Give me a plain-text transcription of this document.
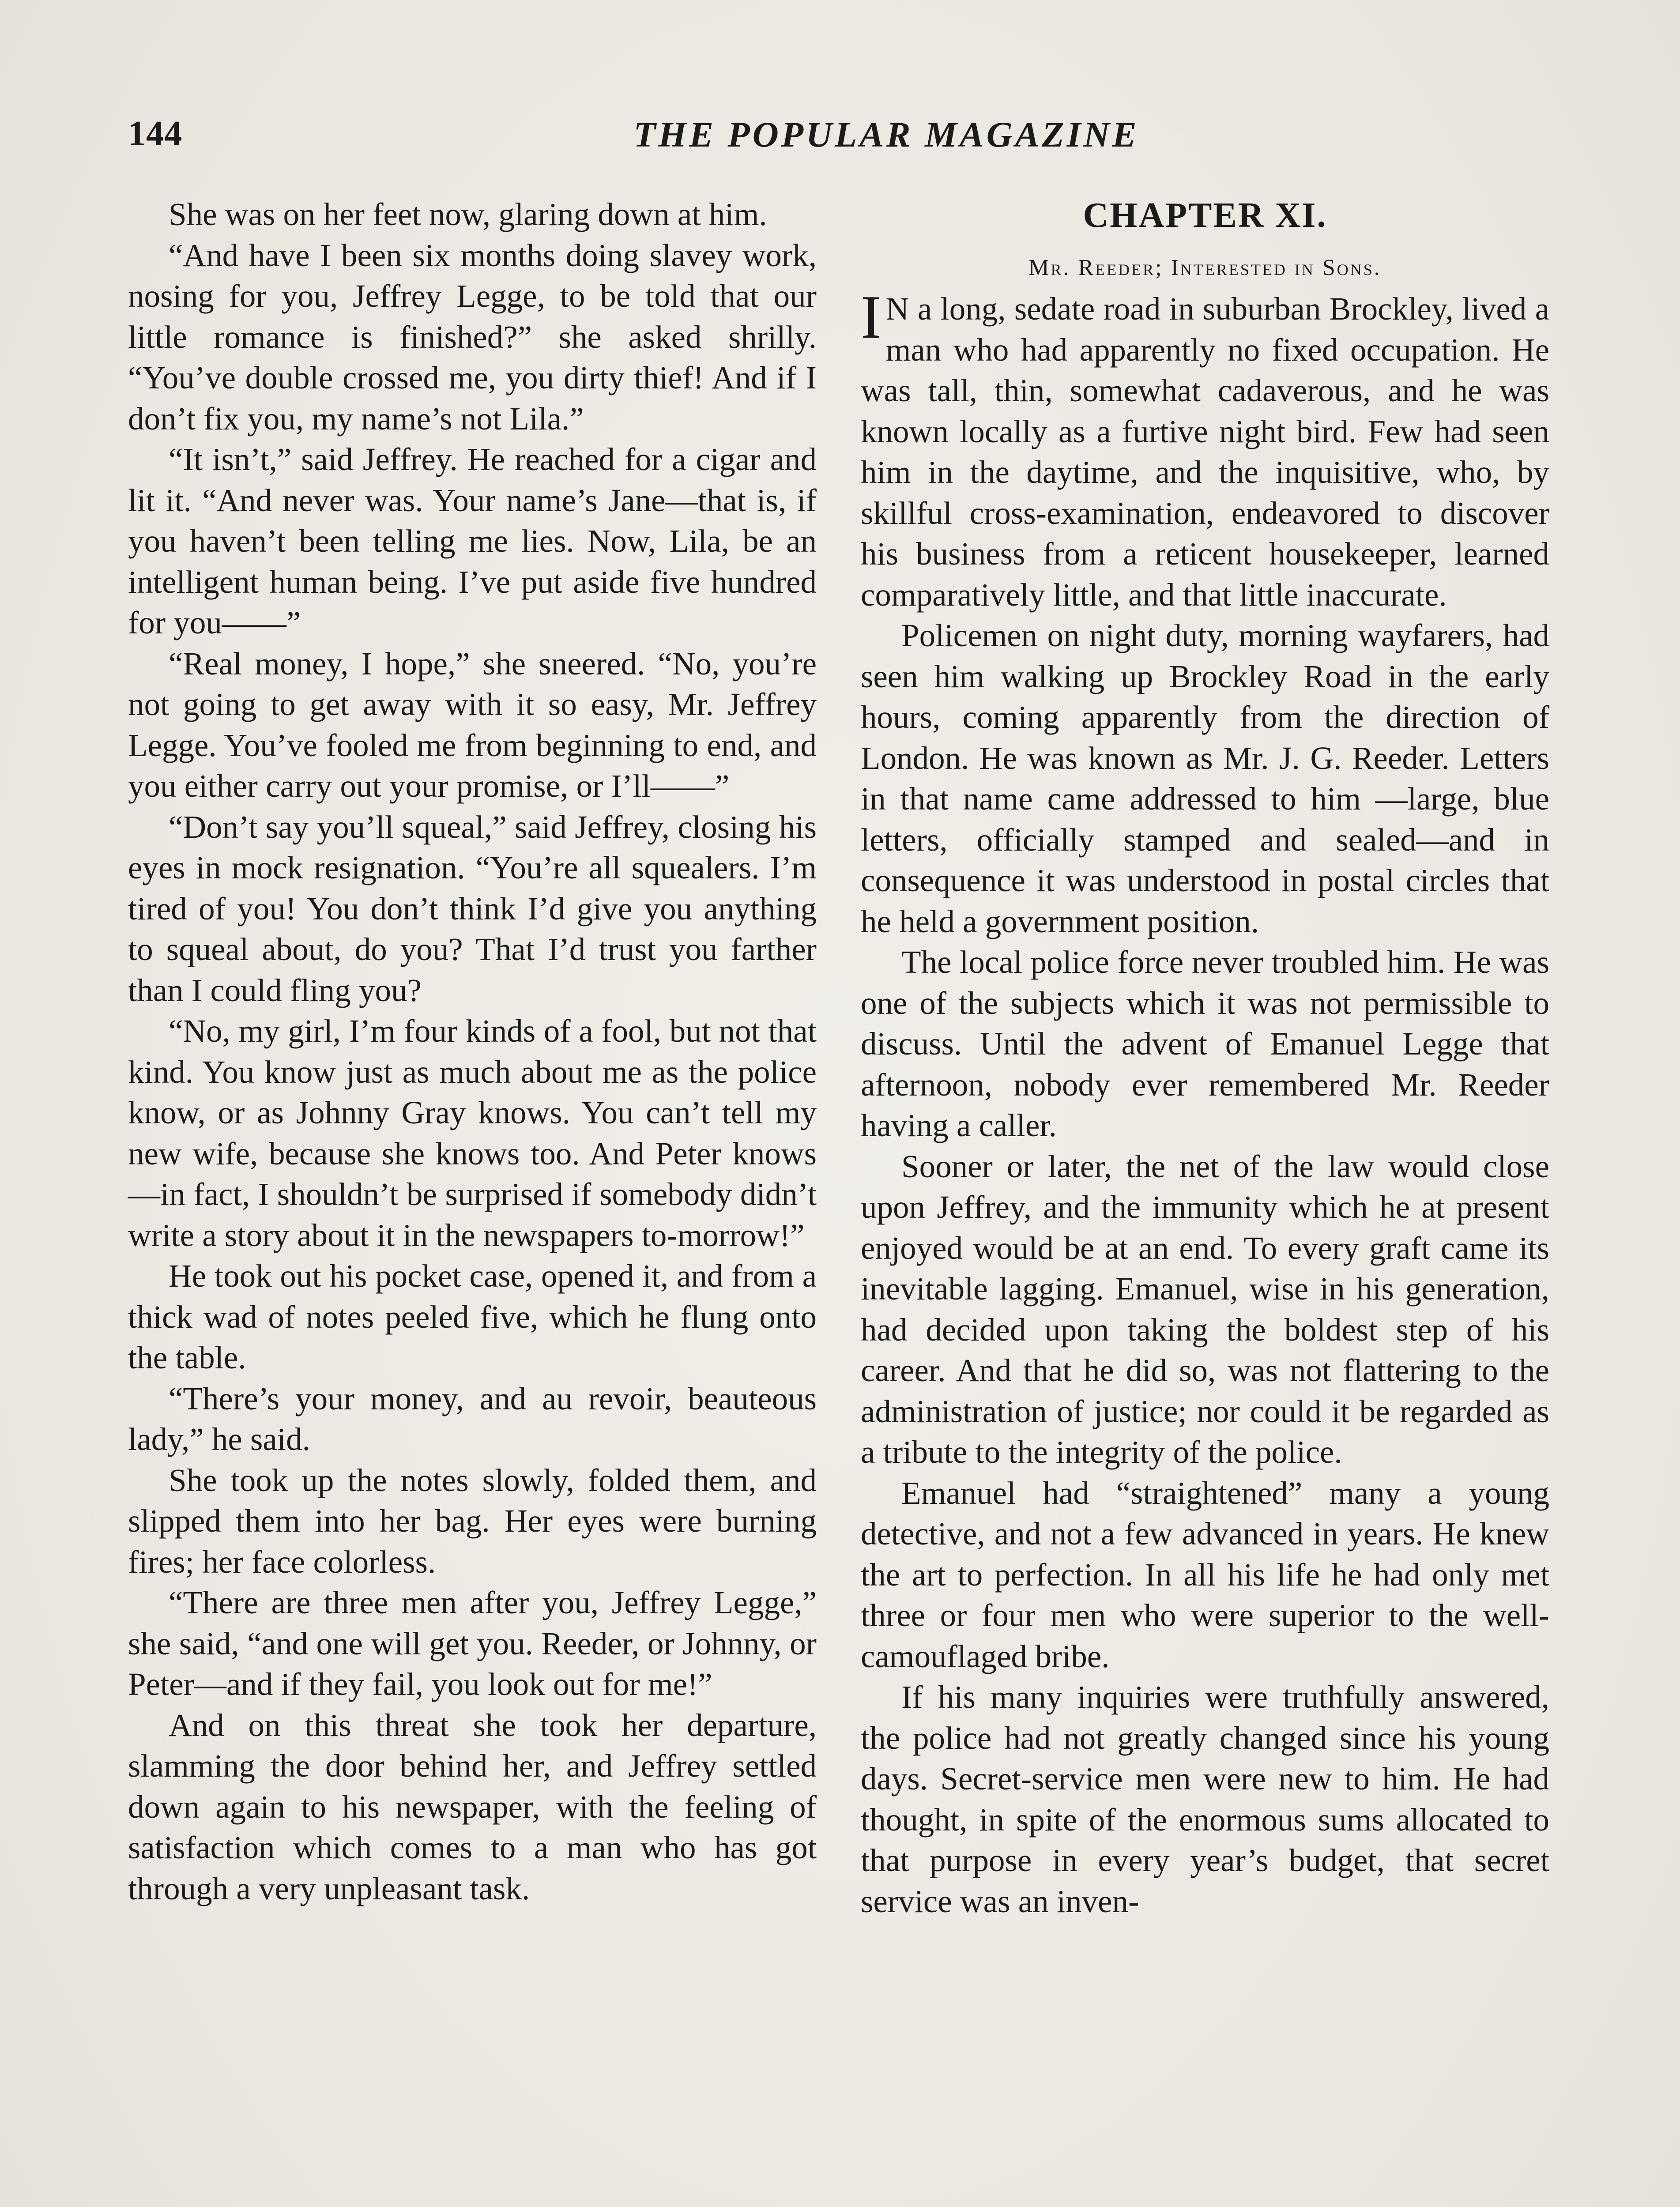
144	THE POPULAR MAGAZINE

She was on her feet now, glaring down at him.

“And have I been six months doing slavey work, nosing for you, Jeffrey Legge, to be told that our little romance is finished?” she asked shrilly. “You’ve double crossed me, you dirty thief! And if I don’t fix you, my name’s not Lila.”

“It isn’t,” said Jeffrey. He reached for a cigar and lit it. “And never was. Your name’s Jane—that is, if you haven’t been telling me lies. Now, Lila, be an intelligent human being. I’ve put aside five hundred for you——”

“Real money, I hope,” she sneered. “No, you’re not going to get away with it so easy, Mr. Jeffrey Legge. You’ve fooled me from beginning to end, and you either carry out your promise, or I’ll——”

“Don’t say you’ll squeal,” said Jeffrey, closing his eyes in mock resignation. “You’re all squealers. I’m tired of you! You don’t think I’d give you anything to squeal about, do you? That I’d trust you farther than I could fling you?

“No, my girl, I’m four kinds of a fool, but not that kind. You know just as much about me as the police know, or as Johnny Gray knows. You can’t tell my new wife, because she knows too. And Peter knows—in fact, I shouldn’t be surprised if somebody didn’t write a story about it in the newspapers to-morrow!”

He took out his pocket case, opened it, and from a thick wad of notes peeled five, which he flung onto the table.

“There’s your money, and au revoir, beauteous lady,” he said.

She took up the notes slowly, folded them, and slipped them into her bag. Her eyes were burning fires; her face colorless.

“There are three men after you, Jeffrey Legge,” she said, “and one will get you. Reeder, or Johnny, or Peter—and if they fail, you look out for me!”

And on this threat she took her departure, slamming the door behind her, and Jeffrey settled down again to his newspaper, with the feeling of satisfaction which comes to a man who has got through a very unpleasant task.

CHAPTER XI.
Mr. Reeder; Interested in Sons.

I N a long, sedate road in suburban Brockley, lived a man who had apparently no fixed occupation. He was tall, thin, somewhat cadaverous, and he was known locally as a furtive night bird. Few had seen him in the daytime, and the inquisitive, who, by skillful cross-examination, endeavored to discover his business from a reticent housekeeper, learned comparatively little, and that little inaccurate.

Policemen on night duty, morning wayfarers, had seen him walking up Brockley Road in the early hours, coming apparently from the direction of London. He was known as Mr. J. G. Reeder. Letters in that name came addressed to him —large, blue letters, officially stamped and sealed—and in consequence it was understood in postal circles that he held a government position.

The local police force never troubled him. He was one of the subjects which it was not permissible to discuss. Until the advent of Emanuel Legge that afternoon, nobody ever remembered Mr. Reeder having a caller.

Sooner or later, the net of the law would close upon Jeffrey, and the immunity which he at present enjoyed would be at an end. To every graft came its inevitable lagging. Emanuel, wise in his generation, had decided upon taking the boldest step of his career. And that he did so, was not flattering to the administration of justice; nor could it be regarded as a tribute to the integrity of the police.

Emanuel had “straightened” many a young detective, and not a few advanced in years. He knew the art to perfection. In all his life he had only met three or four men who were superior to the well-camouflaged bribe.

If his many inquiries were truthfully answered, the police had not greatly changed since his young days. Secret-service men were new to him. He had thought, in spite of the enormous sums allocated to that purpose in every year’s budget, that secret service was an inven-
